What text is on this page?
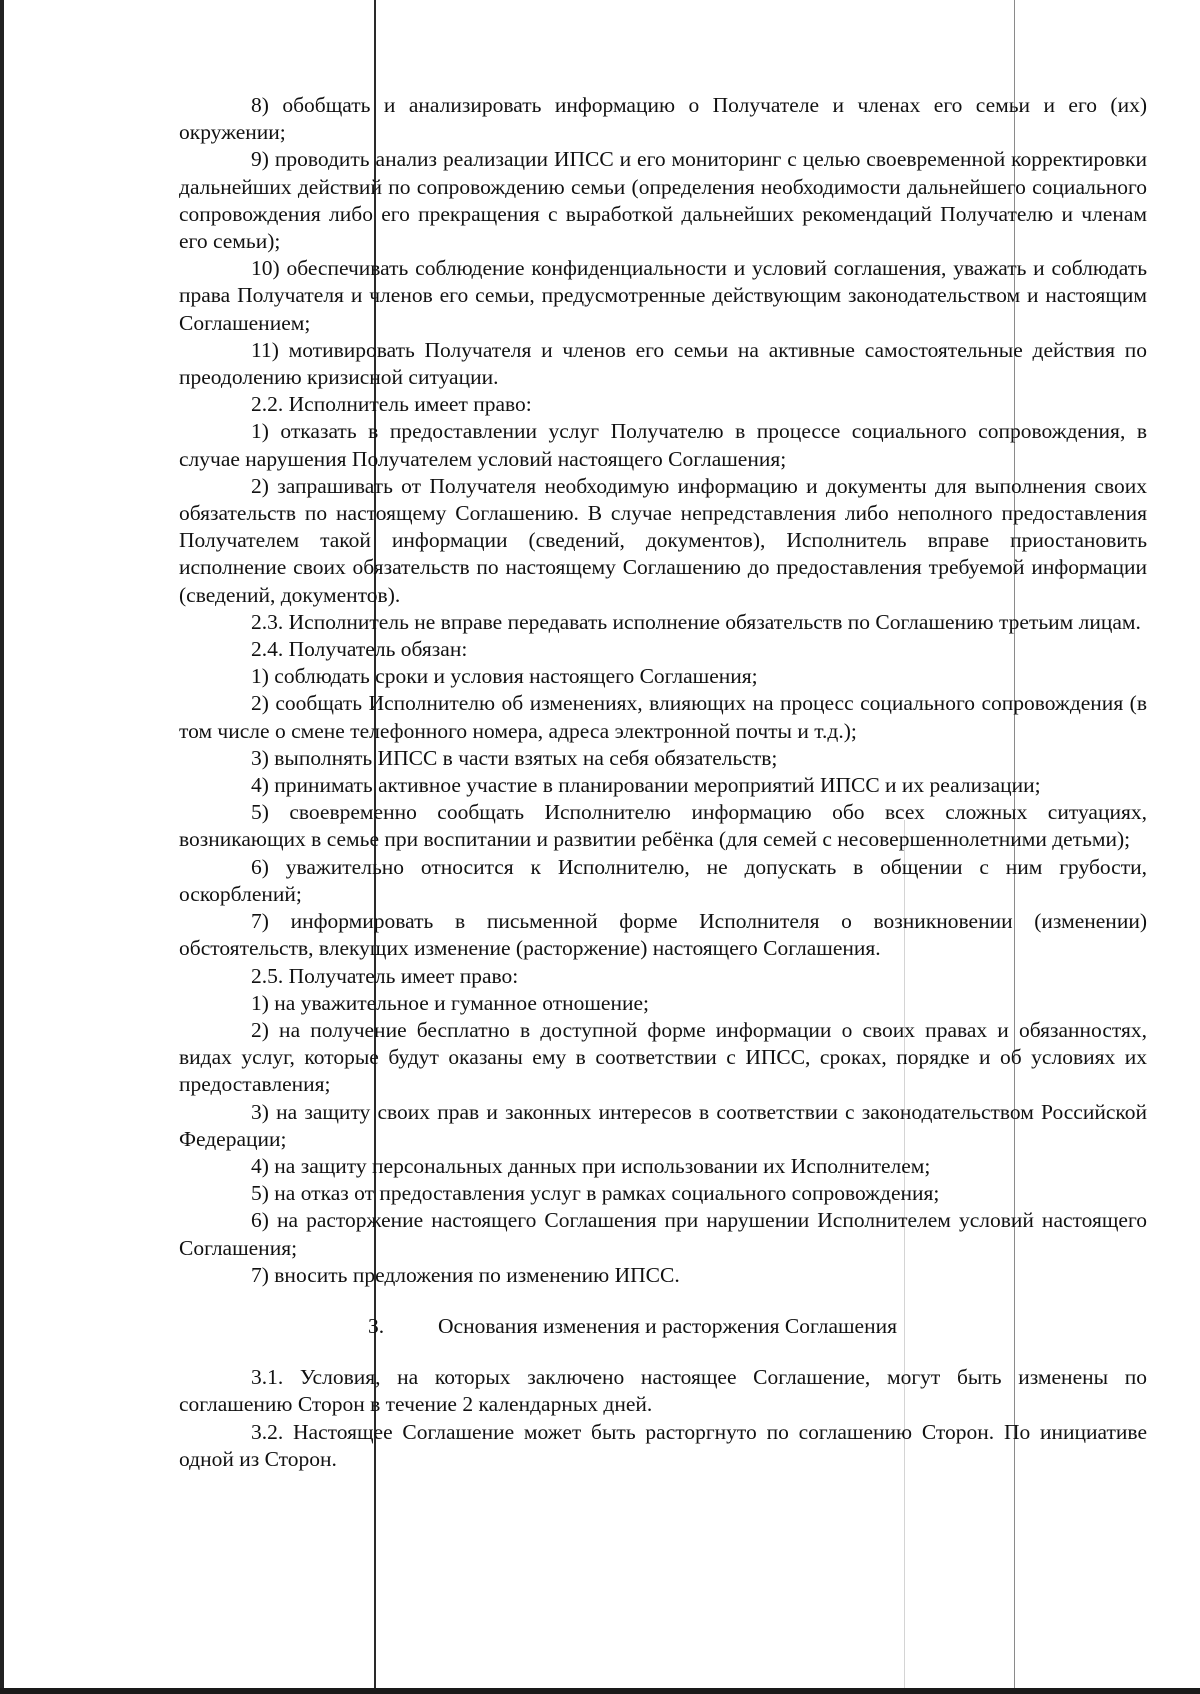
8) обобщать и анализировать информацию о Получателе и членах его семьи и его (их) окружении;

9) проводить анализ реализации ИПСС и его мониторинг с целью своевременной корректировки дальнейших действий по сопровождению семьи (определения необходимости дальнейшего социального сопровождения либо его прекращения с выработкой дальнейших рекомендаций Получателю и членам его семьи);

10) обеспечивать соблюдение конфиденциальности и условий соглашения, уважать и соблюдать права Получателя и членов его семьи, предусмотренные действующим законодательством и настоящим Соглашением;

11) мотивировать Получателя и членов его семьи на активные самостоятельные действия по преодолению кризисной ситуации.

2.2. Исполнитель имеет право:

1) отказать в предоставлении услуг Получателю в процессе социального сопровождения, в случае нарушения Получателем условий настоящего Соглашения;

2) запрашивать от Получателя необходимую информацию и документы для выполнения своих обязательств по настоящему Соглашению. В случае непредставления либо неполного предоставления Получателем такой информации (сведений, документов), Исполнитель вправе приостановить исполнение своих обязательств по настоящему Соглашению до предоставления требуемой информации (сведений, документов).

2.3. Исполнитель не вправе передавать исполнение обязательств по Соглашению третьим лицам.

2.4. Получатель обязан:

1) соблюдать сроки и условия настоящего Соглашения;

2) сообщать Исполнителю об изменениях, влияющих на процесс социального сопровождения (в том числе о смене телефонного номера, адреса электронной почты и т.д.);

3) выполнять ИПСС в части взятых на себя обязательств;

4) принимать активное участие в планировании мероприятий ИПСС и их реализации;

5) своевременно сообщать Исполнителю информацию обо всех сложных ситуациях, возникающих в семье при воспитании и развитии ребёнка (для семей с несовершеннолетними детьми);

6) уважительно относится к Исполнителю, не допускать в общении с ним грубости, оскорблений;

7) информировать в письменной форме Исполнителя о возникновении (изменении) обстоятельств, влекущих изменение (расторжение) настоящего Соглашения.

2.5. Получатель имеет право:

1) на уважительное и гуманное отношение;

2) на получение бесплатно в доступной форме информации о своих правах и обязанностях, видах услуг, которые будут оказаны ему в соответствии с ИПСС, сроках, порядке и об условиях их предоставления;

3) на защиту своих прав и законных интересов в соответствии с законодательством Российской Федерации;

4) на защиту персональных данных при использовании их Исполнителем;

5) на отказ от предоставления услуг в рамках социального сопровождения;

6) на расторжение настоящего Соглашения при нарушении Исполнителем условий настоящего Соглашения;

7) вносить предложения по изменению ИПСС.

3.	Основания изменения и расторжения Соглашения

3.1. Условия, на которых заключено настоящее Соглашение, могут быть изменены по соглашению Сторон в течение 2 календарных дней.

3.2. Настоящее Соглашение может быть расторгнуто по соглашению Сторон. По инициативе одной из Сторон.
